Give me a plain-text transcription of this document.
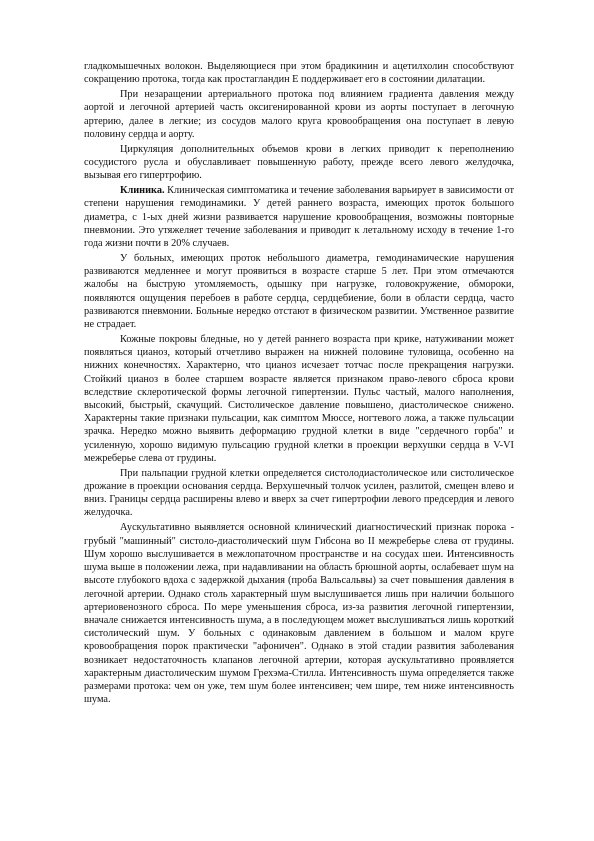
гладкомышечных волокон. Выделяющиеся при этом брадикинин и ацетилхолин способствуют сокращению протока, тогда как простагландин Е поддерживает его в состоянии дилатации.

При незаращении артериального протока под влиянием градиента давления между аортой и легочной артерией часть оксигенированной крови из аорты поступает в легочную артерию, далее в легкие; из сосудов малого круга кровообращения она поступает в левую половину сердца и аорту.

Циркуляция дополнительных объемов крови в легких приводит к переполнению сосудистого русла и обуславливает повышенную работу, прежде всего левого желудочка, вызывая его гипертрофию.

Клиника. Клиническая симптоматика и течение заболевания варьирует в зависимости от степени нарушения гемодинамики. У детей раннего возраста, имеющих проток большого диаметра, с 1-ых дней жизни развивается нарушение кровообращения, возможны повторные пневмонии. Это утяжеляет течение заболевания и приводит к летальному исходу в течение 1-го года жизни почти в 20% случаев.

У больных, имеющих проток небольшого диаметра, гемодинамические нарушения развиваются медленнее и могут проявиться в возрасте старше 5 лет. При этом отмечаются жалобы на быструю утомляемость, одышку при нагрузке, головокружение, обмороки, появляются ощущения перебоев в работе сердца, сердцебиение, боли в области сердца, часто развиваются пневмонии. Больные нередко отстают в физическом развитии. Умственное развитие не страдает.

Кожные покровы бледные, но у детей раннего возраста при крике, натуживании может появляться цианоз, который отчетливо выражен на нижней половине туловища, особенно на нижних конечностях. Характерно, что цианоз исчезает тотчас после прекращения нагрузки. Стойкий цианоз в более старшем возрасте является признаком право-левого сброса крови вследствие склеротической формы легочной гипертензии. Пульс частый, малого наполнения, высокий, быстрый, скачущий. Систолическое давление повышено, диастолическое снижено. Характерны такие признаки пульсации, как симптом Мюссе, ногтевого ложа, а также пульсации зрачка. Нередко можно выявить деформацию грудной клетки в виде "сердечного горба" и усиленную, хорошо видимую пульсацию грудной клетки в проекции верхушки сердца в V-VI межреберье слева от грудины.

При пальпации грудной клетки определяется систолодиастолическое или систолическое дрожание в проекции основания сердца. Верхушечный толчок усилен, разлитой, смещен влево и вниз. Границы сердца расширены влево и вверх за счет гипертрофии левого предсердия и левого желудочка.

Аускультативно выявляется основной клинический диагностический признак порока - грубый "машинный" систоло-диастолический шум Гибсона во II межреберье слева от грудины. Шум хорошо выслушивается в межлопаточном пространстве и на сосудах шеи. Интенсивность шума выше в положении лежа, при надавливании на область брюшной аорты, ослабевает шум на высоте глубокого вдоха с задержкой дыхания (проба Вальсальвы) за счет повышения давления в легочной артерии. Однако столь характерный шум выслушивается лишь при наличии большого артериовенозного сброса. По мере уменьшения сброса, из-за развития легочной гипертензии, вначале снижается интенсивность шума, а в последующем может выслушиваться лишь короткий систолический шум. У больных с одинаковым давлением в большом и малом круге кровообращения порок практически "афоничен". Однако в этой стадии развития заболевания возникает недостаточность клапанов легочной артерии, которая аускультативно проявляется характерным диастолическим шумом Грехэма-Стилла. Интенсивность шума определяется также размерами протока: чем он уже, тем шум более интенсивен; чем шире, тем ниже интенсивность шума.
